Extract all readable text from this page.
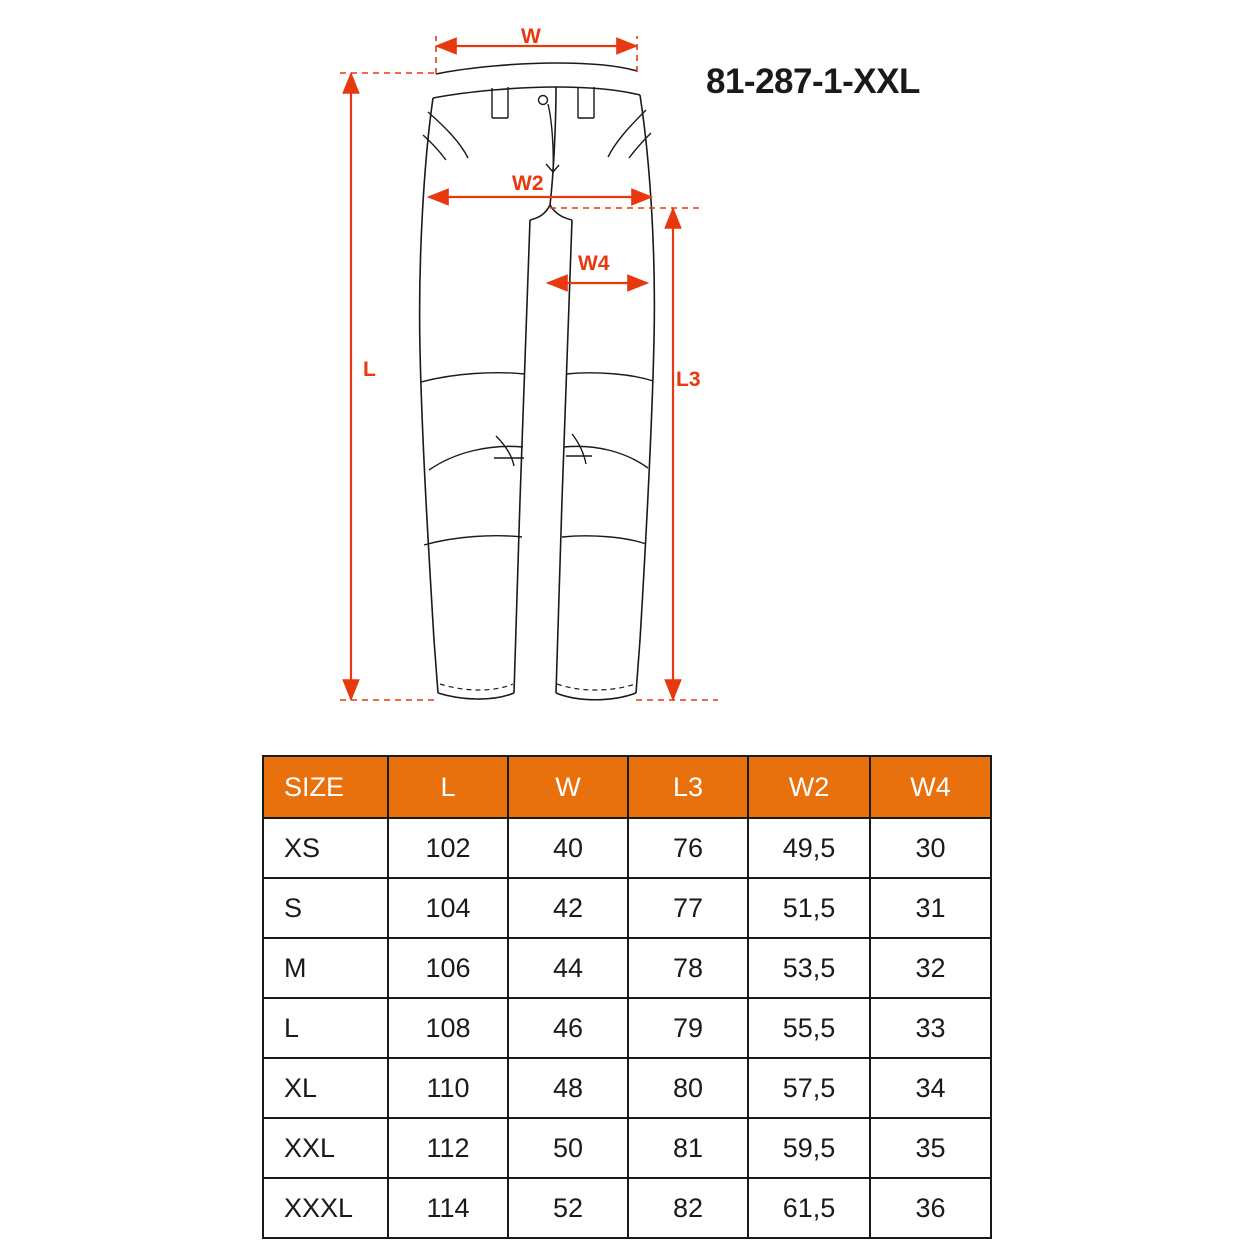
81-287-1-XXL
W
W2
W4
L	L3
SIZE	L	W	L3	W2	W4
XS	102	40	76	49,5	30
S	104	42	77	51,5	31
M	106	44	78	53,5	32
L	108	46	79	55,5	33
XL	110	48	80	57,5	34
XXL	112	50	81	59,5	35
XXXL	114	52	82	61,5	36
